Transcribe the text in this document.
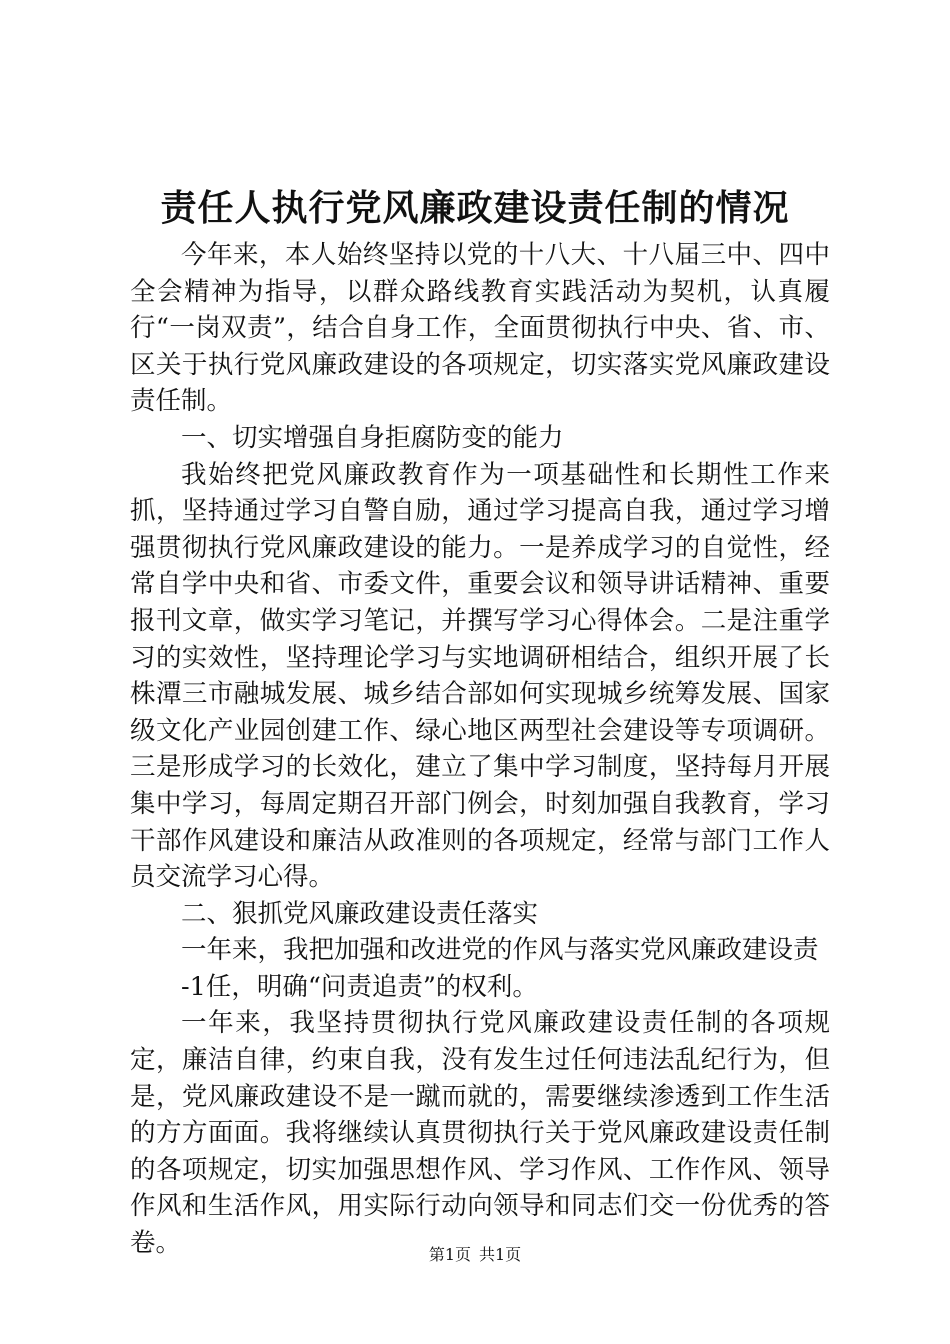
责任人执行党风廉政建设责任制的情况

今年来，本人始终坚持以党的十八大、十八届三中、四中全会精神为指导，以群众路线教育实践活动为契机，认真履行“一岗双责”，结合自身工作，全面贯彻执行中央、省、市、区关于执行党风廉政建设的各项规定，切实落实党风廉政建设责任制。

一、切实增强自身拒腐防变的能力

我始终把党风廉政教育作为一项基础性和长期性工作来抓，坚持通过学习自警自励，通过学习提高自我，通过学习增强贯彻执行党风廉政建设的能力。一是养成学习的自觉性，经常自学中央和省、市委文件，重要会议和领导讲话精神、重要报刊文章，做实学习笔记，并撰写学习心得体会。二是注重学习的实效性，坚持理论学习与实地调研相结合，组织开展了长株潭三市融城发展、城乡结合部如何实现城乡统筹发展、国家级文化产业园创建工作、绿心地区两型社会建设等专项调研。三是形成学习的长效化，建立了集中学习制度，坚持每月开展集中学习，每周定期召开部门例会，时刻加强自我教育，学习干部作风建设和廉洁从政准则的各项规定，经常与部门工作人员交流学习心得。

二、狠抓党风廉政建设责任落实

一年来，我把加强和改进党的作风与落实党风廉政建设责

-1任，明确“问责追责”的权利。

一年来，我坚持贯彻执行党风廉政建设责任制的各项规定，廉洁自律，约束自我，没有发生过任何违法乱纪行为，但是，党风廉政建设不是一蹴而就的，需要继续渗透到工作生活的方方面面。我将继续认真贯彻执行关于党风廉政建设责任制的各项规定，切实加强思想作风、学习作风、工作作风、领导作风和生活作风，用实际行动向领导和同志们交一份优秀的答卷。	第1页 共1页
